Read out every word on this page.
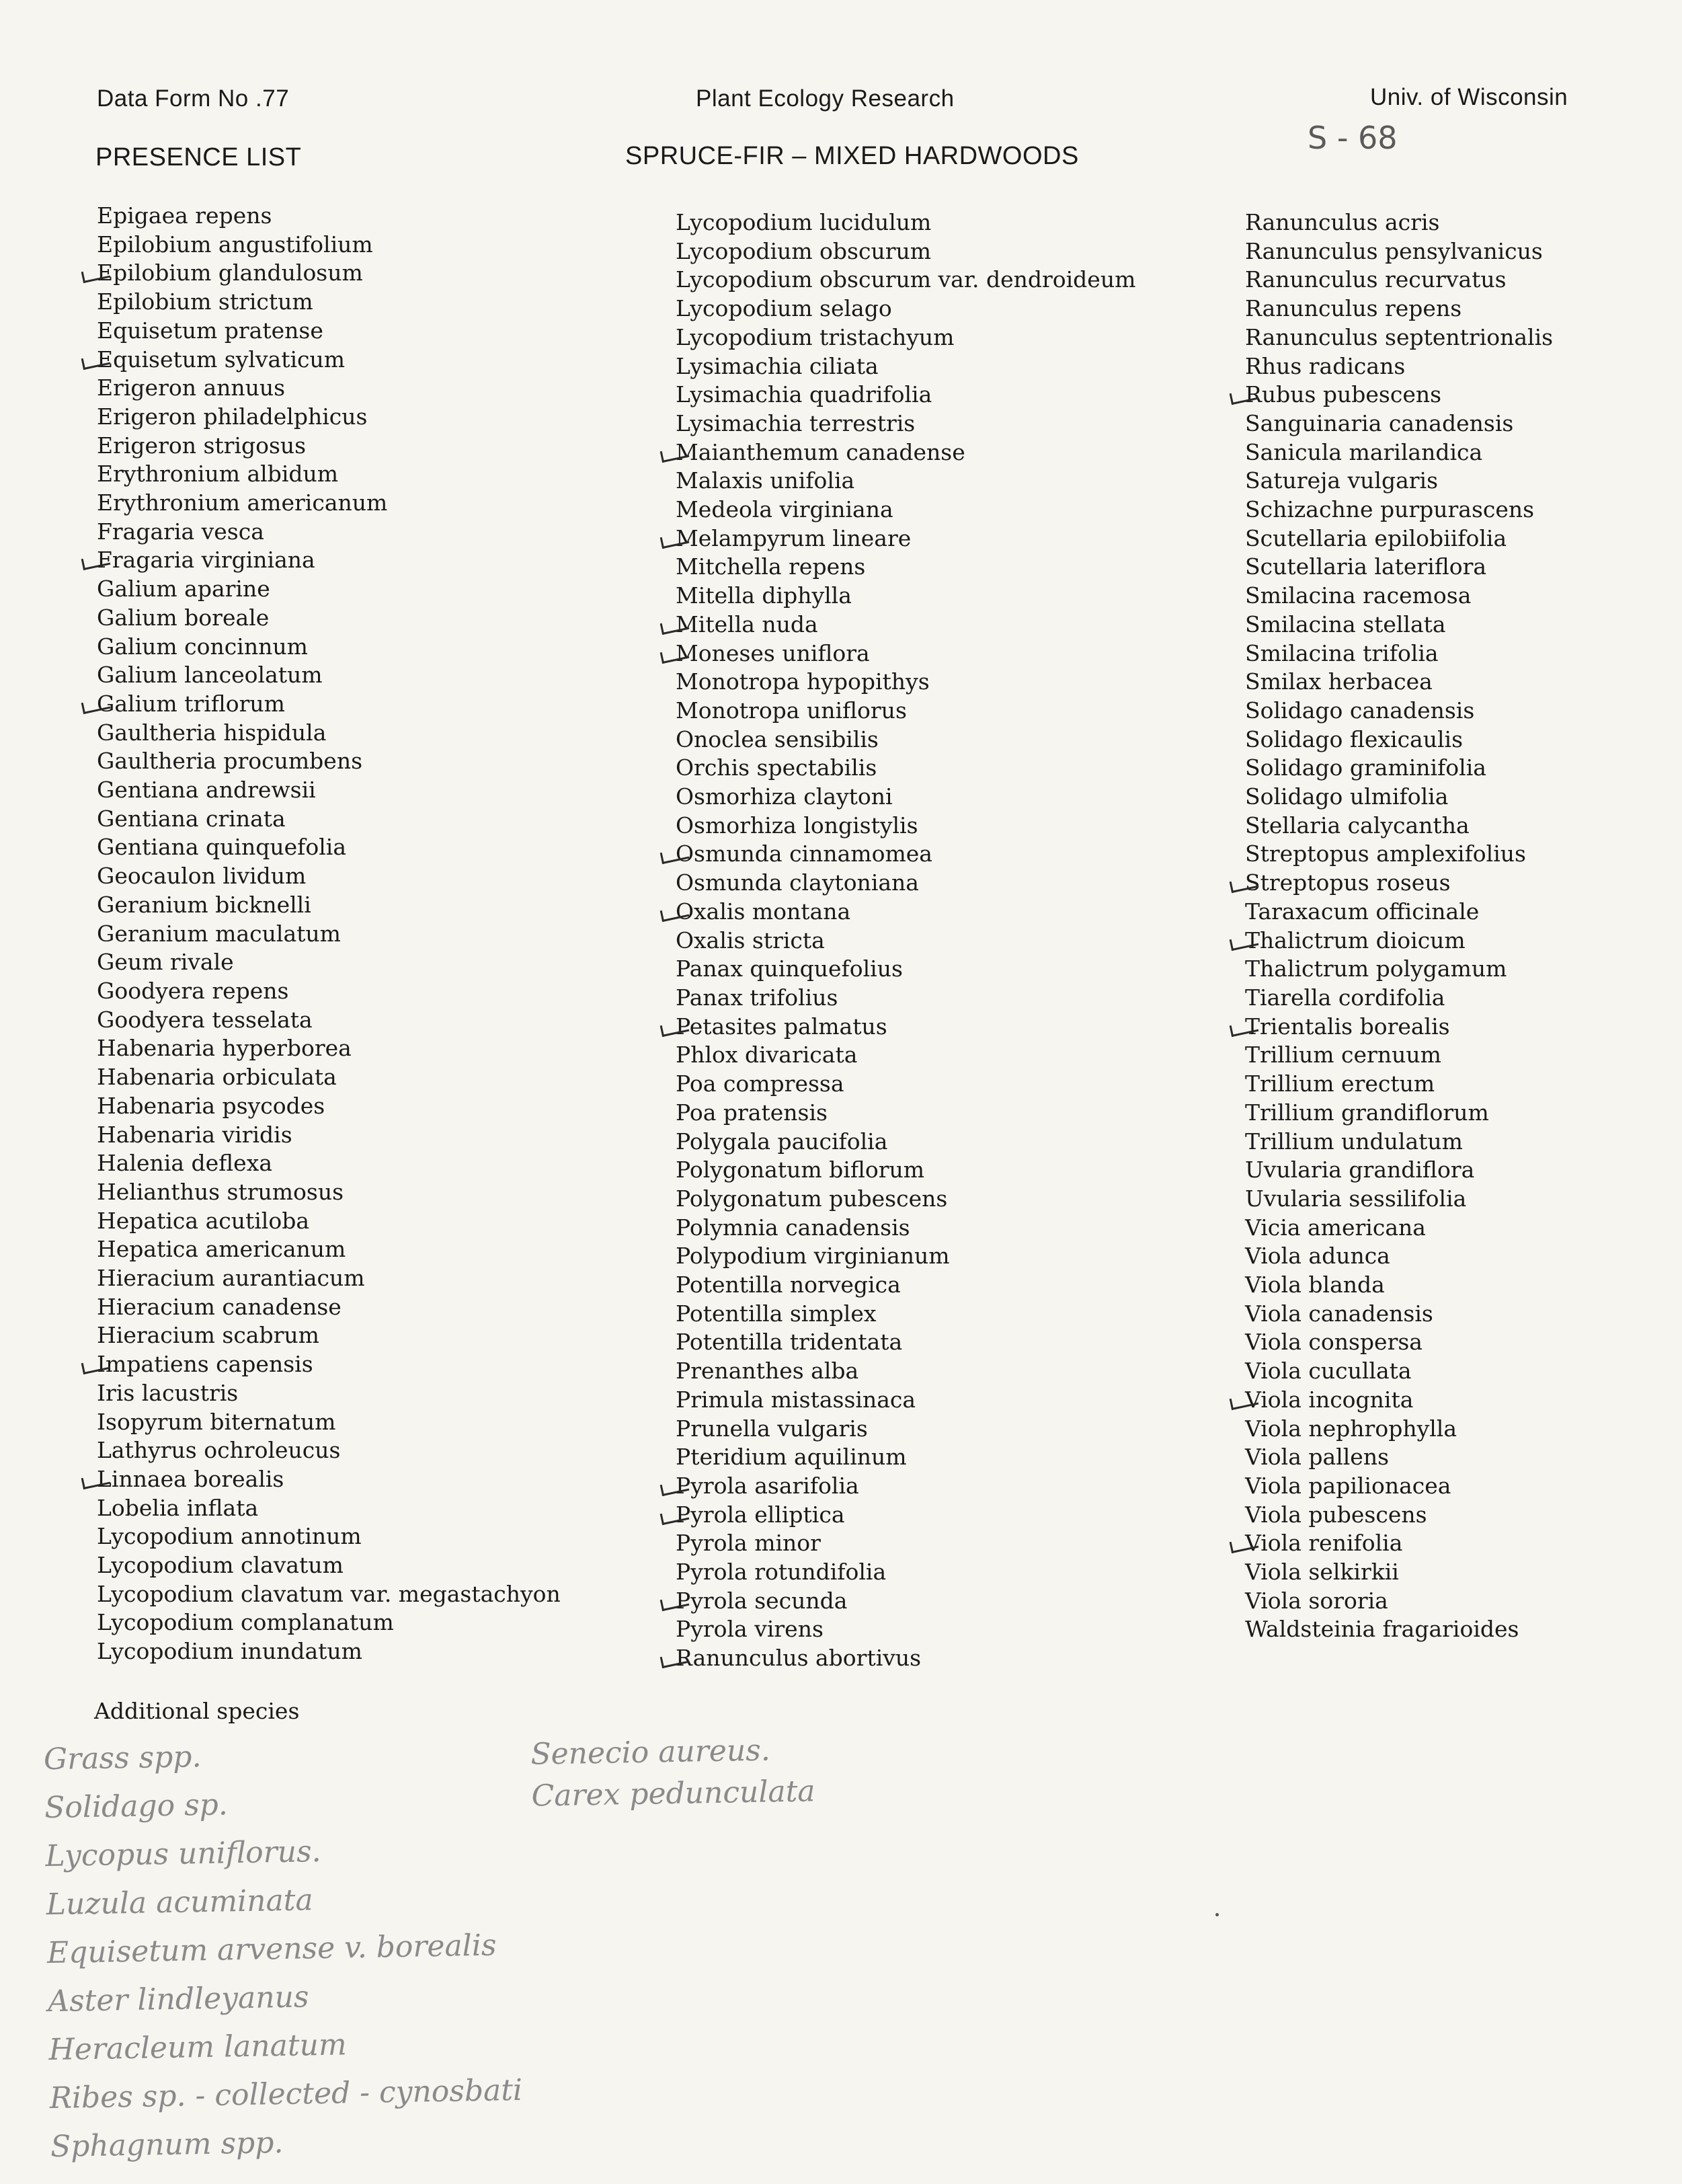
Data Form No .77	Plant Ecology Research	Univ. of Wisconsin
PRESENCE LIST	SPRUCE-FIR – MIXED HARDWOODS	S - 68
Epigaea repens
Epilobium angustifolium
Epilobium glandulosum
Epilobium strictum
Equisetum pratense
Equisetum sylvaticum
Erigeron annuus
Erigeron philadelphicus
Erigeron strigosus
Erythronium albidum
Erythronium americanum
Fragaria vesca
Fragaria virginiana
Galium aparine
Galium boreale
Galium concinnum
Galium lanceolatum
Galium triflorum
Gaultheria hispidula
Gaultheria procumbens
Gentiana andrewsii
Gentiana crinata
Gentiana quinquefolia
Geocaulon lividum
Geranium bicknelli
Geranium maculatum
Geum rivale
Goodyera repens
Goodyera tesselata
Habenaria hyperborea
Habenaria orbiculata
Habenaria psycodes
Habenaria viridis
Halenia deflexa
Helianthus strumosus
Hepatica acutiloba
Hepatica americanum
Hieracium aurantiacum
Hieracium canadense
Hieracium scabrum
Impatiens capensis
Iris lacustris
Isopyrum biternatum
Lathyrus ochroleucus
Linnaea borealis
Lobelia inflata
Lycopodium annotinum
Lycopodium clavatum
Lycopodium clavatum var. megastachyon
Lycopodium complanatum
Lycopodium inundatum
Lycopodium lucidulum
Lycopodium obscurum
Lycopodium obscurum var. dendroideum
Lycopodium selago
Lycopodium tristachyum
Lysimachia ciliata
Lysimachia quadrifolia
Lysimachia terrestris
Maianthemum canadense
Malaxis unifolia
Medeola virginiana
Melampyrum lineare
Mitchella repens
Mitella diphylla
Mitella nuda
Moneses uniflora
Monotropa hypopithys
Monotropa uniflorus
Onoclea sensibilis
Orchis spectabilis
Osmorhiza claytoni
Osmorhiza longistylis
Osmunda cinnamomea
Osmunda claytoniana
Oxalis montana
Oxalis stricta
Panax quinquefolius
Panax trifolius
Petasites palmatus
Phlox divaricata
Poa compressa
Poa pratensis
Polygala paucifolia
Polygonatum biflorum
Polygonatum pubescens
Polymnia canadensis
Polypodium virginianum
Potentilla norvegica
Potentilla simplex
Potentilla tridentata
Prenanthes alba
Primula mistassinaca
Prunella vulgaris
Pteridium aquilinum
Pyrola asarifolia
Pyrola elliptica
Pyrola minor
Pyrola rotundifolia
Pyrola secunda
Pyrola virens
Ranunculus abortivus
Ranunculus acris
Ranunculus pensylvanicus
Ranunculus recurvatus
Ranunculus repens
Ranunculus septentrionalis
Rhus radicans
Rubus pubescens
Sanguinaria canadensis
Sanicula marilandica
Satureja vulgaris
Schizachne purpurascens
Scutellaria epilobiifolia
Scutellaria lateriflora
Smilacina racemosa
Smilacina stellata
Smilacina trifolia
Smilax herbacea
Solidago canadensis
Solidago flexicaulis
Solidago graminifolia
Solidago ulmifolia
Stellaria calycantha
Streptopus amplexifolius
Streptopus roseus
Taraxacum officinale
Thalictrum dioicum
Thalictrum polygamum
Tiarella cordifolia
Trientalis borealis
Trillium cernuum
Trillium erectum
Trillium grandiflorum
Trillium undulatum
Uvularia grandiflora
Uvularia sessilifolia
Vicia americana
Viola adunca
Viola blanda
Viola canadensis
Viola conspersa
Viola cucullata
Viola incognita
Viola nephrophylla
Viola pallens
Viola papilionacea
Viola pubescens
Viola renifolia
Viola selkirkii
Viola sororia
Waldsteinia fragarioides
Additional species
Grass spp.
Solidago sp.
Lycopus uniflorus.
Luzula acuminata
Equisetum arvense v. borealis
Aster lindleyanus
Heracleum lanatum
Ribes sp. - collected - cynosbati
Sphagnum spp.
Senecio aureus.
Carex pedunculata
